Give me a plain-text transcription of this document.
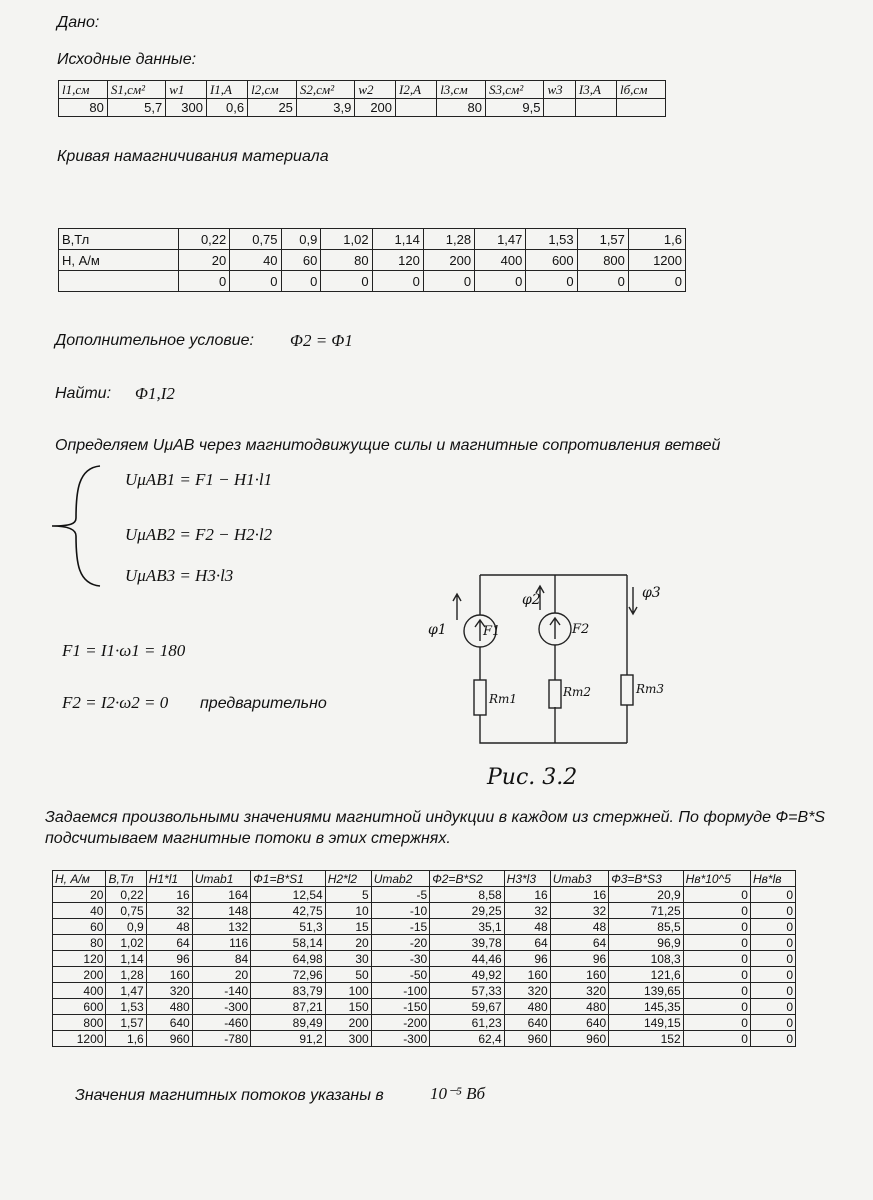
Дано:
Исходные данные:
l1,см	S1,см²	w1	I1,A	l2,см	S2,см²	w2	I2,A	l3,см	S3,см²	w3	I3,A	lб,см
80	5,7	300	0,6	25	3,9	200		80	9,5			
Кривая намагничивания материала
B,Тл	0,22	0,75	0,9	1,02	1,14	1,28	1,47	1,53	1,57	1,6
H, А/м	20	40	60	80	120	200	400	600	800	1200
	0	0	0	0	0	0	0	0	0	0
Дополнительное условие: Φ2 = Φ1
Найти: Φ1,I2
Определяем UμAB через магнитодвижущие силы и магнитные сопротивления ветвей
UμAB1 = F1 − H1·l1
UμAB2 = F2 − H2·l2
UμAB3 = H3·l3
F1 = I1·ω1 = 180
F2 = I2·ω2 = 0 предварительно
φ1
φ2	φ3
F1	F2
Rm1	Rm2	Rm3
Рис. 3.2
Задаемся произвольными значениями магнитной индукции в каждом из стержней. По формуде Ф=B*S подсчитываем магнитные потоки в этих стержнях.
H, А/м	B,Тл	H1*l1	Umab1	Ф1=B*S1	H2*l2	Umab2	Ф2=B*S2	H3*l3	Umab3	Ф3=B*S3	Hв*10^5	Hв*lв
20	0,22	16	164	12,54	5	-5	8,58	16	16	20,9	0	0
40	0,75	32	148	42,75	10	-10	29,25	32	32	71,25	0	0
60	0,9	48	132	51,3	15	-15	35,1	48	48	85,5	0	0
80	1,02	64	116	58,14	20	-20	39,78	64	64	96,9	0	0
120	1,14	96	84	64,98	30	-30	44,46	96	96	108,3	0	0
200	1,28	160	20	72,96	50	-50	49,92	160	160	121,6	0	0
400	1,47	320	-140	83,79	100	-100	57,33	320	320	139,65	0	0
600	1,53	480	-300	87,21	150	-150	59,67	480	480	145,35	0	0
800	1,57	640	-460	89,49	200	-200	61,23	640	640	149,15	0	0
1200	1,6	960	-780	91,2	300	-300	62,4	960	960	152	0	0
Значения магнитных потоков указаны в	10⁻⁵ Вб
